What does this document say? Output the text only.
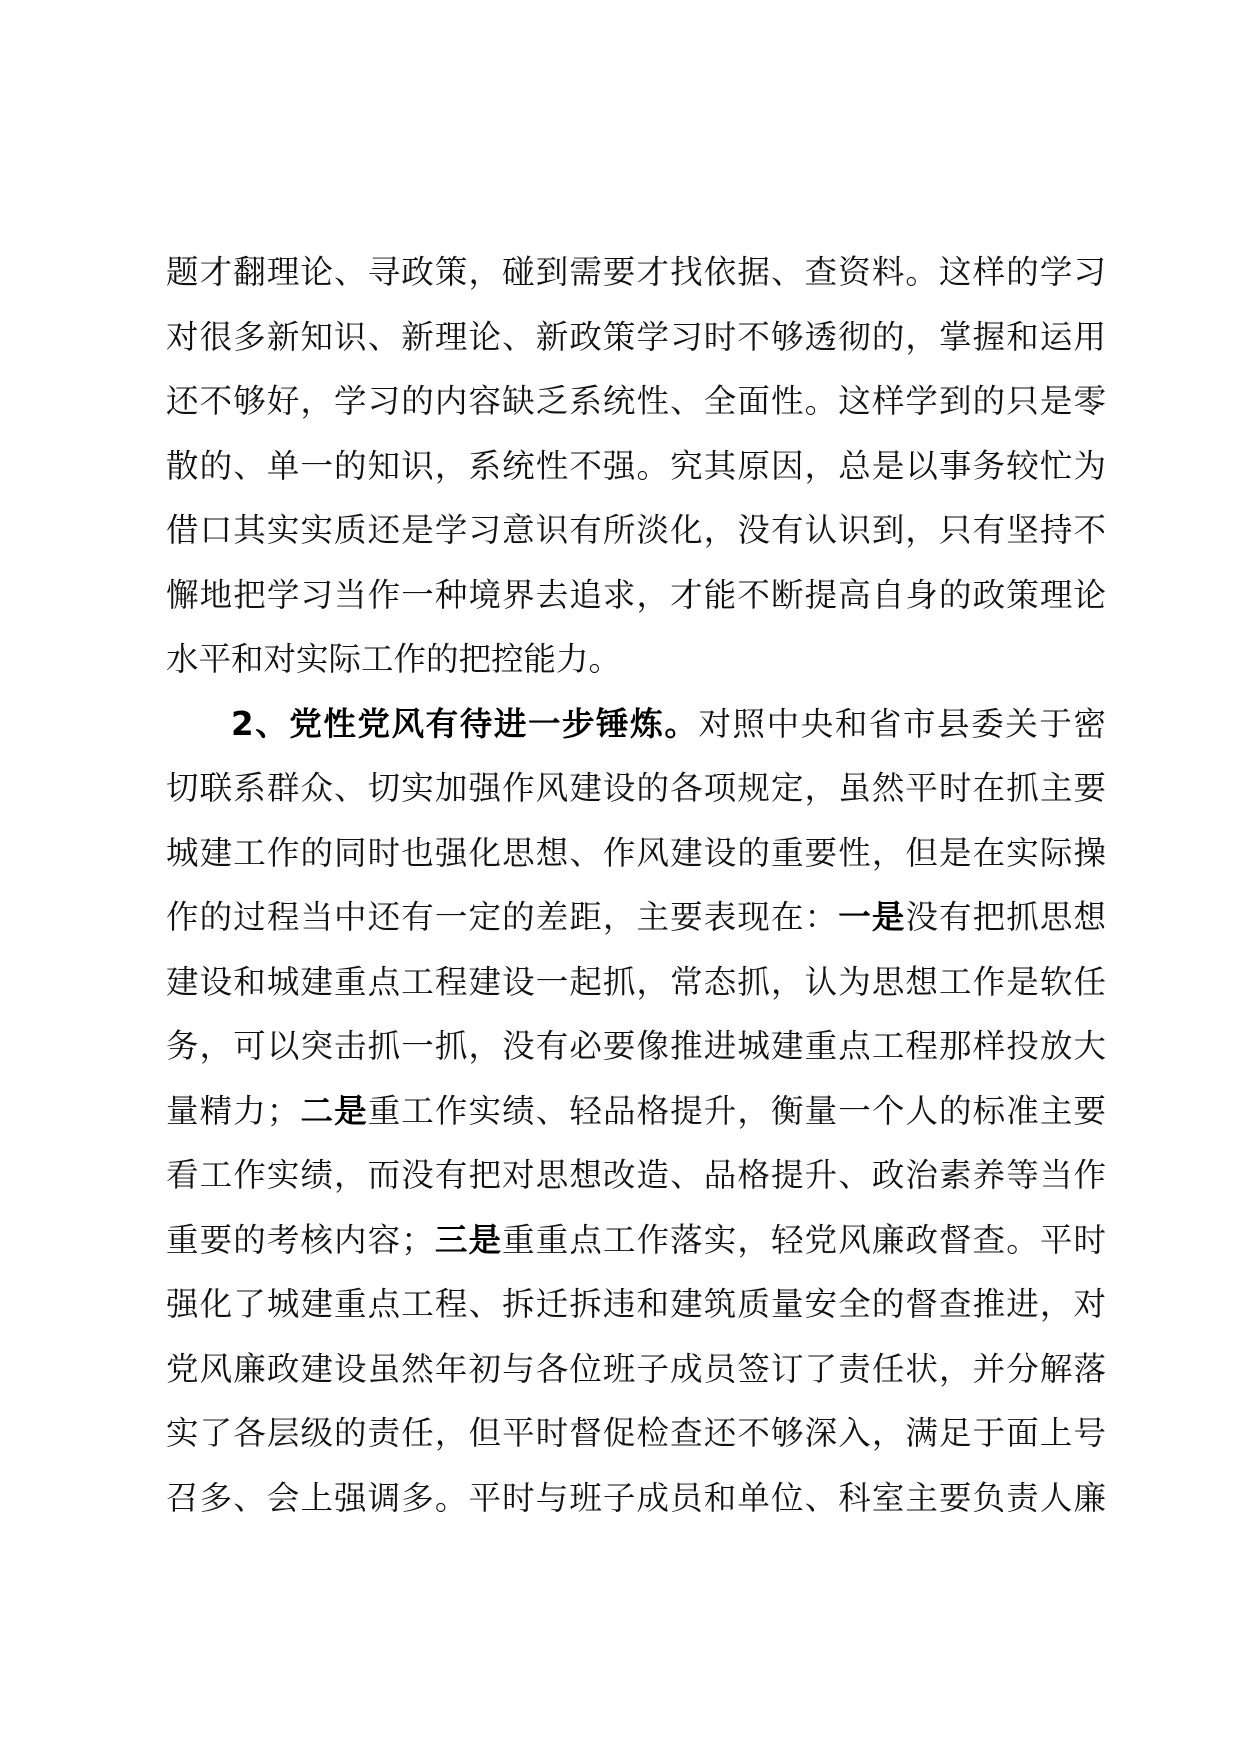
题才翻理论、寻政策，碰到需要才找依据、查资料。这样的学习
对很多新知识、新理论、新政策学习时不够透彻的，掌握和运用
还不够好，学习的内容缺乏系统性、全面性。这样学到的只是零
散的、单一的知识，系统性不强。究其原因，总是以事务较忙为
借口其实实质还是学习意识有所淡化，没有认识到，只有坚持不
懈地把学习当作一种境界去追求，才能不断提高自身的政策理论
水平和对实际工作的把控能力。
2、党性党风有待进一步锤炼。对照中央和省市县委关于密
切联系群众、切实加强作风建设的各项规定，虽然平时在抓主要
城建工作的同时也强化思想、作风建设的重要性，但是在实际操
作的过程当中还有一定的差距，主要表现在：一是没有把抓思想
建设和城建重点工程建设一起抓，常态抓，认为思想工作是软任
务，可以突击抓一抓，没有必要像推进城建重点工程那样投放大
量精力；二是重工作实绩、轻品格提升，衡量一个人的标准主要
看工作实绩，而没有把对思想改造、品格提升、政治素养等当作
重要的考核内容；三是重重点工作落实，轻党风廉政督查。平时
强化了城建重点工程、拆迁拆违和建筑质量安全的督查推进，对
党风廉政建设虽然年初与各位班子成员签订了责任状，并分解落
实了各层级的责任，但平时督促检查还不够深入，满足于面上号
召多、会上强调多。平时与班子成员和单位、科室主要负责人廉
